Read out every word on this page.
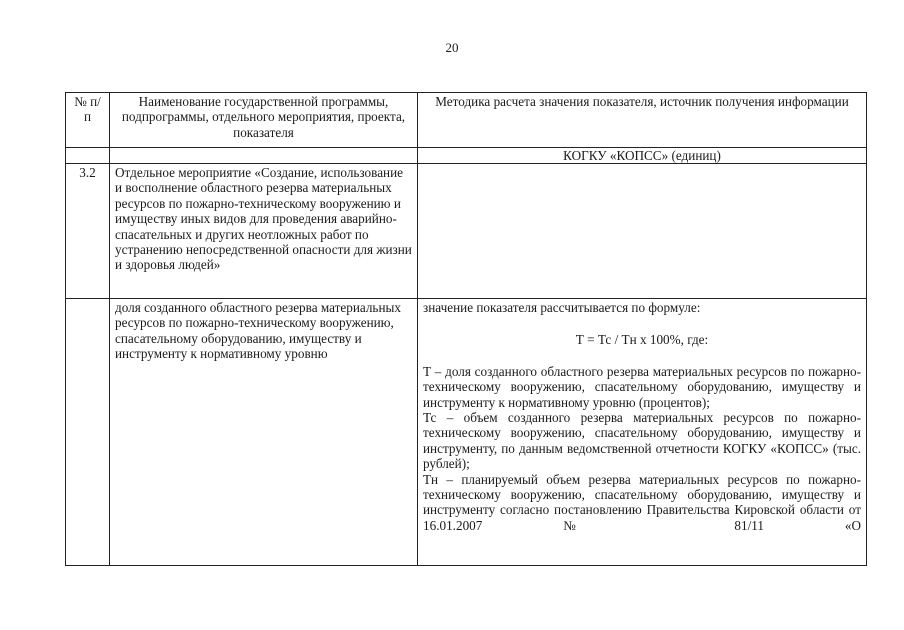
20
№ п/п	Наименование государственной программы, подпрограммы, отдельного мероприятия, проекта, показателя	Методика расчета значения показателя, источник получения информации
		КОГКУ «КОПСС» (единиц)
3.2	Отдельное мероприятие «Создание, использование и восполнение областного резерва материальных ресурсов по пожарно-техническому вооружению и имуществу иных видов для проведения аварийно-спасательных и других неотложных работ по устранению непосредственной опасности для жизни и здоровья людей»	
	доля созданного областного резерва материальных ресурсов по пожарно-техническому вооружению, спасательному оборудованию, имуществу и инструменту к нормативному уровню	значение показателя рассчитывается по формуле:
Т = Тс / Тн х 100%, где:
Т – доля созданного областного резерва материальных ресурсов по пожарно-техническому вооружению, спасательному оборудованию, имуществу и инструменту к нормативному уровню (процентов);
Тс – объем созданного резерва материальных ресурсов по пожарно-техническому вооружению, спасательному оборудованию, имуществу и инструменту, по данным ведомственной отчетности КОГКУ «КОПСС» (тыс. рублей);
Тн – планируемый объем резерва материальных ресурсов по пожарно-техническому вооружению, спасательному оборудованию, имуществу и инструменту согласно постановлению Правительства Кировской области от 16.01.2007 № 81/11 «О
